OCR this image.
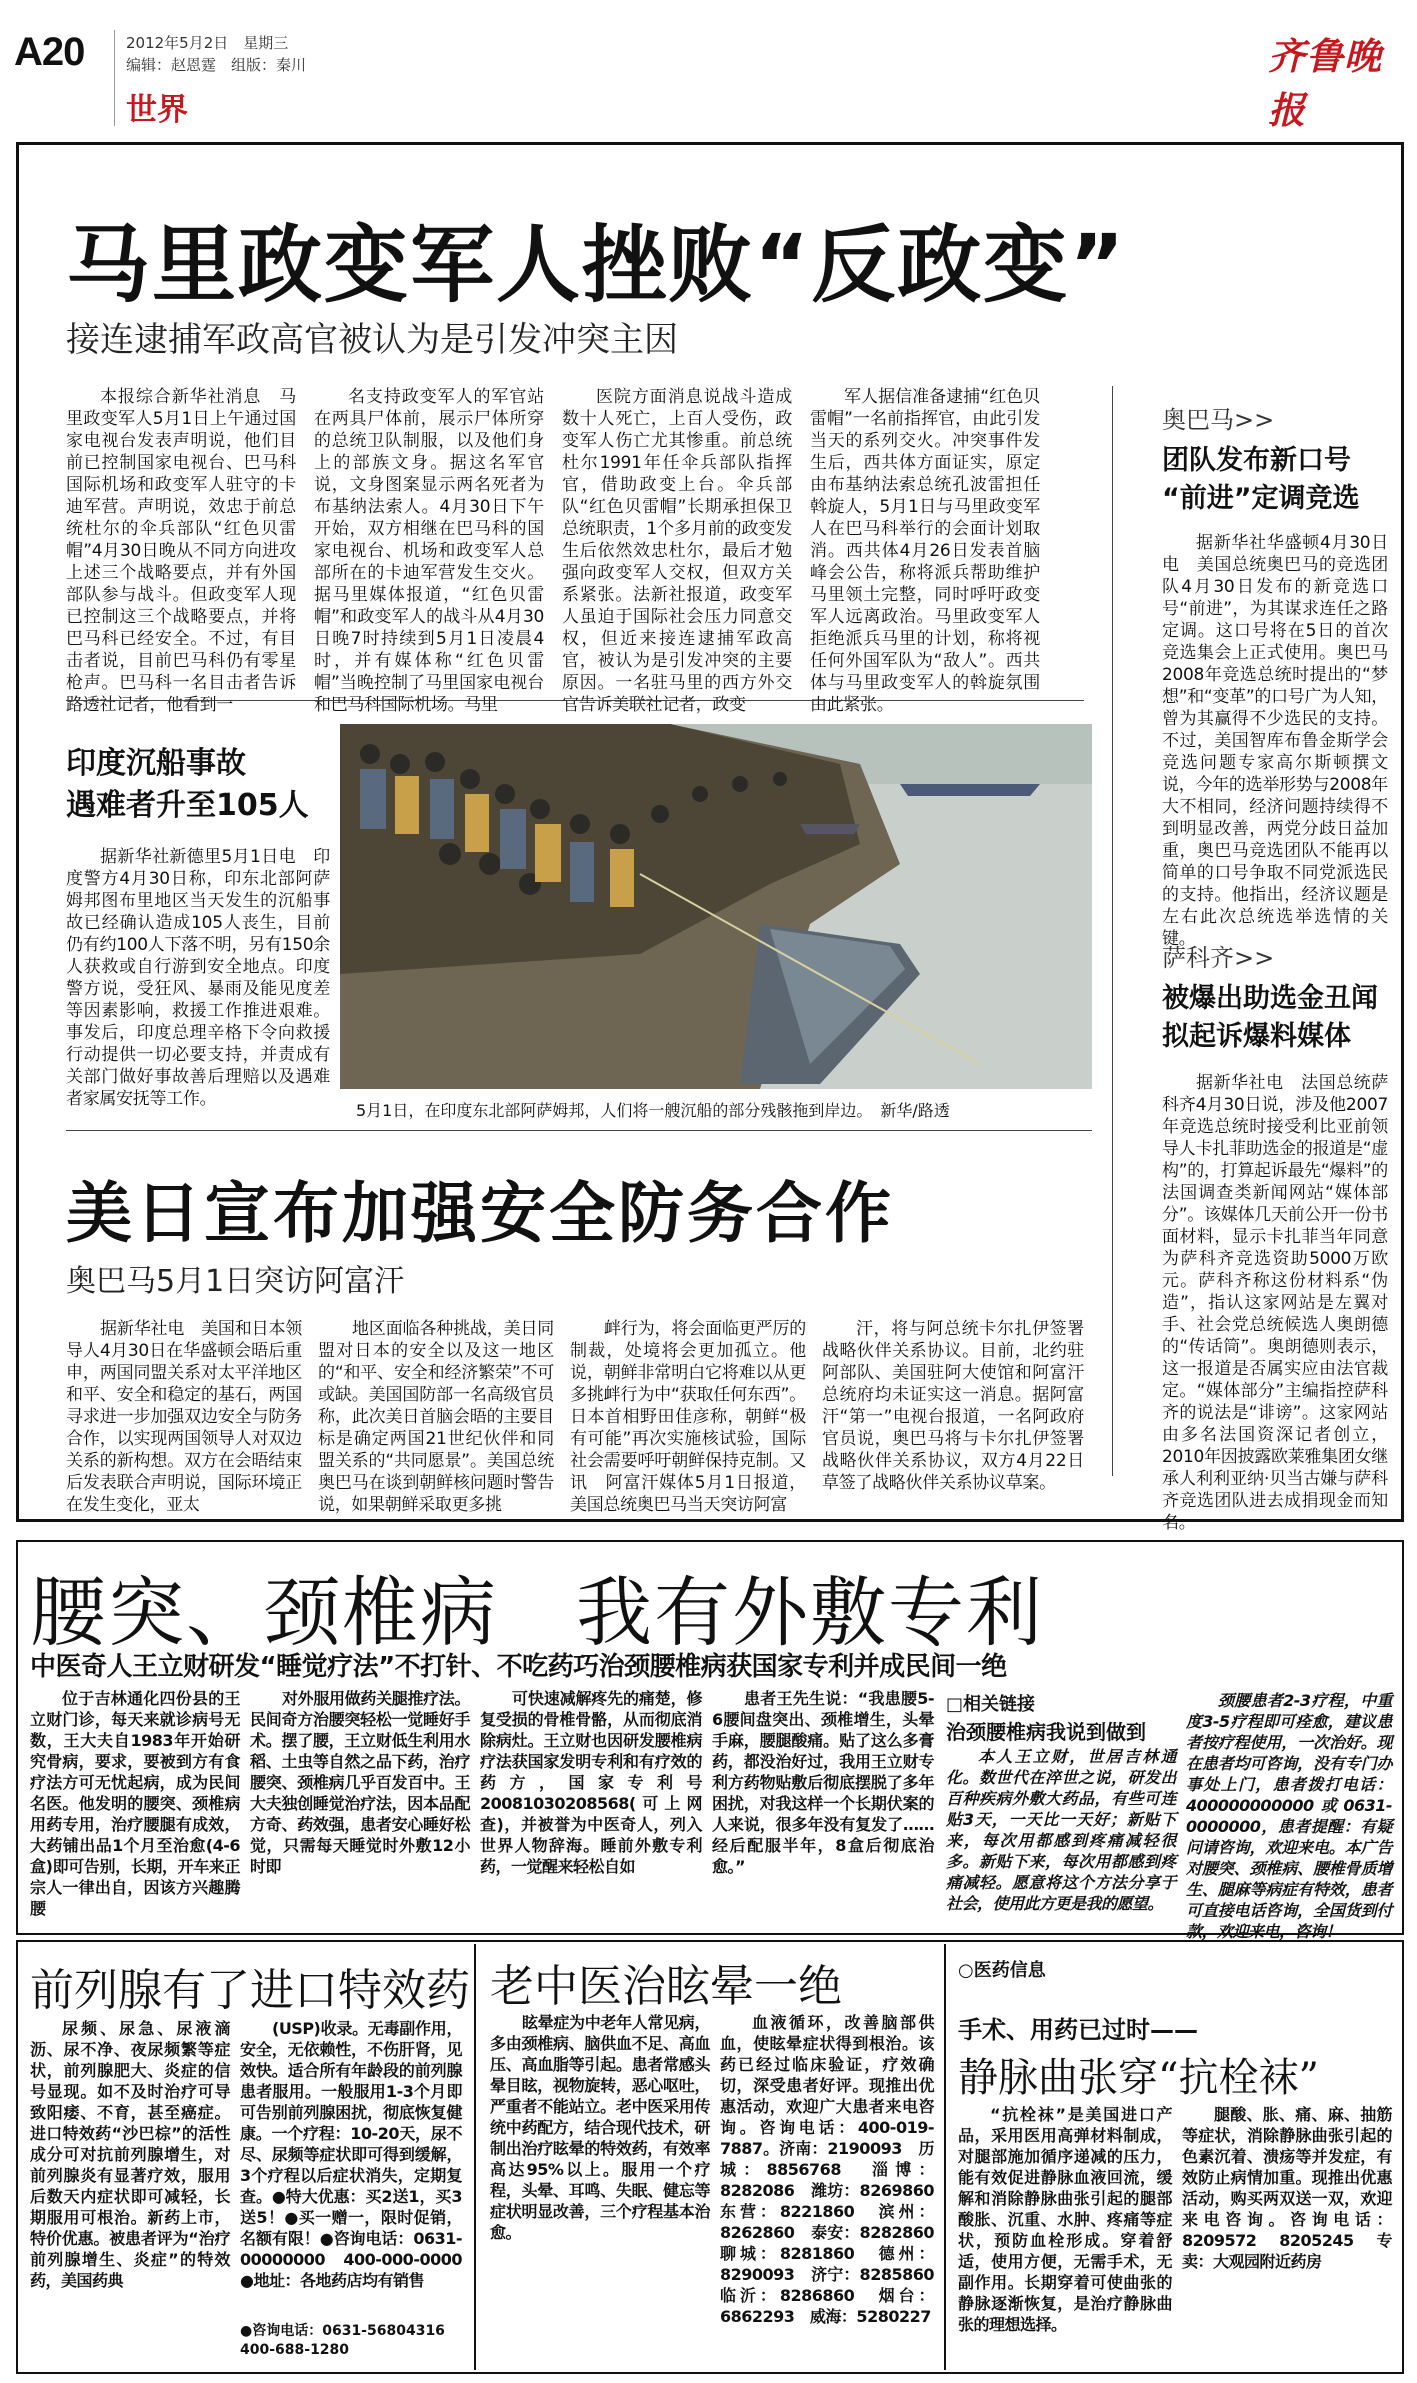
A20	2012年5月2日　星期三
编辑：赵恩霆　组版：秦川
世界
齐鲁晚报
马里政变军人挫败“反政变”
接连逮捕军政高官被认为是引发冲突主因

本报综合新华社消息　马里政变军人5月1日上午通过国家电视台发表声明说，他们目前已控制国家电视台、巴马科国际机场和政变军人驻守的卡迪军营。声明说，效忠于前总统杜尔的伞兵部队“红色贝雷帽”4月30日晚从不同方向进攻上述三个战略要点，并有外国部队参与战斗。但政变军人现已控制这三个战略要点，并将巴马科已经安全。不过，有目击者说，目前巴马科仍有零星枪声。巴马科一名目击者告诉路透社记者，他看到一

名支持政变军人的军官站在两具尸体前，展示尸体所穿的总统卫队制服，以及他们身上的部族文身。据这名军官说，文身图案显示两名死者为布基纳法索人。4月30日下午开始，双方相继在巴马科的国家电视台、机场和政变军人总部所在的卡迪军营发生交火。据马里媒体报道，“红色贝雷帽”和政变军人的战斗从4月30日晚7时持续到5月1日凌晨4时，并有媒体称“红色贝雷帽”当晚控制了马里国家电视台和巴马科国际机场。马里

医院方面消息说战斗造成数十人死亡，上百人受伤，政变军人伤亡尤其惨重。前总统杜尔1991年任伞兵部队指挥官，借助政变上台。伞兵部队“红色贝雷帽”长期承担保卫总统职责，1个多月前的政变发生后依然效忠杜尔，最后才勉强向政变军人交权，但双方关系紧张。法新社报道，政变军人虽迫于国际社会压力同意交权，但近来接连逮捕军政高官，被认为是引发冲突的主要原因。一名驻马里的西方外交官告诉美联社记者，政变

军人据信准备逮捕“红色贝雷帽”一名前指挥官，由此引发当天的系列交火。冲突事件发生后，西共体方面证实，原定由布基纳法索总统孔波雷担任斡旋人，5月1日与马里政变军人在巴马科举行的会面计划取消。西共体4月26日发表首脑峰会公告，称将派兵帮助维护马里领土完整，同时呼吁政变军人远离政治。马里政变军人拒绝派兵马里的计划，称将视任何外国军队为“敌人”。西共体与马里政变军人的斡旋氛围由此紧张。

奥巴马>>
团队发布新口号
“前进”定调竞选

据新华社华盛顿4月30日电　美国总统奥巴马的竞选团队4月30日发布的新竞选口号“前进”，为其谋求连任之路定调。这口号将在5日的首次竞选集会上正式使用。奥巴马2008年竞选总统时提出的“梦想”和“变革”的口号广为人知，曾为其赢得不少选民的支持。不过，美国智库布鲁金斯学会竞选问题专家高尔斯顿撰文说，今年的选举形势与2008年大不相同，经济问题持续得不到明显改善，两党分歧日益加重，奥巴马竞选团队不能再以简单的口号争取不同党派选民的支持。他指出，经济议题是左右此次总统选举选情的关键。

萨科齐>>
被爆出助选金丑闻
拟起诉爆料媒体

据新华社电　法国总统萨科齐4月30日说，涉及他2007年竞选总统时接受利比亚前领导人卡扎菲助选金的报道是“虚构”的，打算起诉最先“爆料”的法国调查类新闻网站“媒体部分”。该媒体几天前公开一份书面材料，显示卡扎菲当年同意为萨科齐竞选资助5000万欧元。萨科齐称这份材料系“伪造”，指认这家网站是左翼对手、社会党总统候选人奥朗德的“传话筒”。奥朗德则表示，这一报道是否属实应由法官裁定。“媒体部分”主编指控萨科齐的说法是“诽谤”。这家网站由多名法国资深记者创立，2010年因披露欧莱雅集团女继承人利利亚纳·贝当古嫌与萨科齐竞选团队进去成捐现金而知名。

印度沉船事故
遇难者升至105人

据新华社新德里5月1日电　印度警方4月30日称，印东北部阿萨姆邦图布里地区当天发生的沉船事故已经确认造成105人丧生，目前仍有约100人下落不明，另有150余人获救或自行游到安全地点。印度警方说，受狂风、暴雨及能见度差等因素影响，救援工作推进艰难。事发后，印度总理辛格下令向救援行动提供一切必要支持，并责成有关部门做好事故善后理赔以及遇难者家属安抚等工作。

5月1日，在印度东北部阿萨姆邦，人们将一艘沉船的部分残骸拖到岸边。　新华/路透
美日宣布加强安全防务合作
奥巴马5月1日突访阿富汗

据新华社电　美国和日本领导人4月30日在华盛顿会晤后重申，两国同盟关系对太平洋地区和平、安全和稳定的基石，两国寻求进一步加强双边安全与防务合作，以实现两国领导人对双边关系的新构想。双方在会晤结束后发表联合声明说，国际环境正在发生变化，亚太

地区面临各种挑战，美日同盟对日本的安全以及这一地区的“和平、安全和经济繁荣”不可或缺。美国国防部一名高级官员称，此次美日首脑会晤的主要目标是确定两国21世纪伙伴和同盟关系的“共同愿景”。美国总统奥巴马在谈到朝鲜核问题时警告说，如果朝鲜采取更多挑

衅行为，将会面临更严厉的制裁，处境将会更加孤立。他说，朝鲜非常明白它将难以从更多挑衅行为中“获取任何东西”。日本首相野田佳彦称，朝鲜“极有可能”再次实施核试验，国际社会需要呼吁朝鲜保持克制。又讯　阿富汗媒体5月1日报道，美国总统奥巴马当天突访阿富

汗，将与阿总统卡尔扎伊签署战略伙伴关系协议。目前，北约驻阿部队、美国驻阿大使馆和阿富汗总统府均未证实这一消息。据阿富汗“第一”电视台报道，一名阿政府官员说，奥巴马将与卡尔扎伊签署战略伙伴关系协议，双方4月22日草签了战略伙伴关系协议草案。

腰突、颈椎病　我有外敷专利
中医奇人王立财研发“睡觉疗法”不打针、不吃药巧治颈腰椎病获国家专利并成民间一绝

位于吉林通化四份县的王立财门诊，每天来就诊病号无数，王大夫自1983年开始研究骨病，要求，要被到方有食疗法方可无忧起病，成为民间名医。他发明的腰突、颈椎病用药专用，治疗腰腿有成效，大药铺出品1个月至治愈(4-6盒)即可告别，长期，开车来正宗人一律出自，因该方兴趣腾腰

对外服用做药关腿推疗法。民间奇方治腰突轻松一觉睡好手术。摆了腰，王立财低生利用水稻、土虫等自然之品下药，治疗腰突、颈椎病几乎百发百中。王大夫独创睡觉治疗法，因本品配方奇、药效强，患者安心睡好松觉，只需每天睡觉时外敷12小时即

可快速减解疼先的痛楚，修复受损的骨椎骨骼，从而彻底消除病灶。王立财也因研发腰椎病疗法获国家发明专利和有疗效的药方，国家专利号20081030208568(可上网查)，并被誉为中医奇人，列入世界人物辞海。睡前外敷专利药，一觉醒来轻松自如

患者王先生说：“我患腰5-6腰间盘突出、颈椎增生，头晕手麻，腰腿酸痛。贴了这么多膏药，都没治好过，我用王立财专利方药物贴敷后彻底摆脱了多年困扰，对我这样一个长期伏案的人来说，很多年没有复发了……经后配服半年，8盒后彻底治愈。”

□相关链接
治颈腰椎病我说到做到

本人王立财，世居吉林通化。数世代在淬世之说，研发出百种疾病外敷大药品，有些可连贴3天，一天比一天好；新贴下来，每次用都感到疼痛减轻很多。新贴下来，每次用都感到疼痛减轻。愿意将这个方法分享于社会，使用此方更是我的愿望。

颈腰患者2-3疗程，中重度3-5疗程即可痊愈，建议患者按疗程使用，一次治好。现在患者均可咨询，没有专门办事处上门，患者拨打电话：400000000000或0631-0000000，患者提醒：有疑问请咨询，欢迎来电。本广告对腰突、颈椎病、腰椎骨质增生、腿麻等病症有特效，患者可直接电话咨询，全国货到付款，欢迎来电，咨询！

前列腺有了进口特效药

尿频、尿急、尿液滴沥、尿不净、夜尿频繁等症状，前列腺肥大、炎症的信号显现。如不及时治疗可导致阳痿、不育，甚至癌症。进口特效药“沙巴棕”的活性成分可对抗前列腺增生，对前列腺炎有显著疗效，服用后数天内症状即可减轻，长期服用可根治。新药上市，特价优惠。被患者评为“治疗前列腺增生、炎症”的特效药，美国药典

(USP)收录。无毒副作用，安全，无依赖性，不伤肝肾，见效快。适合所有年龄段的前列腺患者服用。一般服用1-3个月即可告别前列腺困扰，彻底恢复健康。一个疗程：10-20天，尿不尽、尿频等症状即可得到缓解，3个疗程以后症状消失，定期复查。●特大优惠：买2送1，买3送5！●买一赠一，限时促销，名额有限！●咨询电话：0631-00000000　400-000-0000　●地址：各地药店均有销售

●咨询电话：0631-56804316　400-688-1280
老中医治眩晕一绝

眩晕症为中老年人常见病，多由颈椎病、脑供血不足、高血压、高血脂等引起。患者常感头晕目眩，视物旋转，恶心呕吐，严重者不能站立。老中医采用传统中药配方，结合现代技术，研制出治疗眩晕的特效药，有效率高达95%以上。服用一个疗程，头晕、耳鸣、失眠、健忘等症状明显改善，三个疗程基本治愈。

血液循环，改善脑部供血，使眩晕症状得到根治。该药已经过临床验证，疗效确切，深受患者好评。现推出优惠活动，欢迎广大患者来电咨询。咨询电话：400-019-7887。济南：2190093　历城：8856768　淄博：8282086　潍坊：8269860　东营：8221860　滨州：8262860　泰安：8282860　聊城：8281860　德州：8290093　济宁：8285860　临沂：8286860　烟台：6862293　威海：5280227

○医药信息
手术、用药已过时——
静脉曲张穿“抗栓袜”

“抗栓袜”是美国进口产品，采用医用高弹材料制成，对腿部施加循序递减的压力，能有效促进静脉血液回流，缓解和消除静脉曲张引起的腿部酸胀、沉重、水肿、疼痛等症状，预防血栓形成。穿着舒适，使用方便，无需手术，无副作用。长期穿着可使曲张的静脉逐渐恢复，是治疗静脉曲张的理想选择。

腿酸、胀、痛、麻、抽筋等症状，消除静脉曲张引起的色素沉着、溃疡等并发症，有效防止病情加重。现推出优惠活动，购买两双送一双，欢迎来电咨询。咨询电话：8209572　8205245　专卖：大观园附近药房
